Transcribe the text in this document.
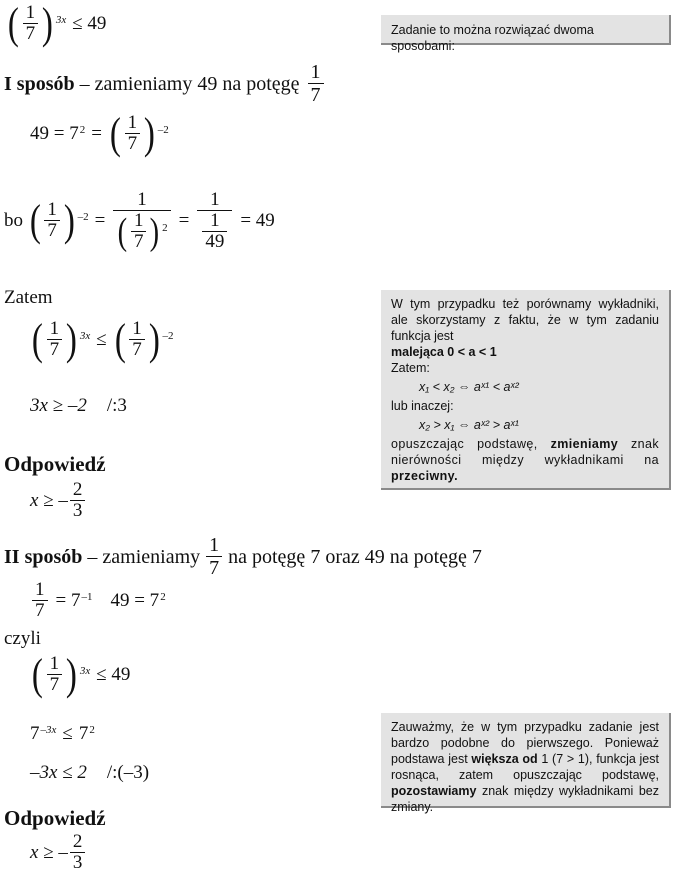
( $\frac{1}{7}$ ) $^{3x}$ ≤ 49	Zadanie to można rozwiązać dwoma sposobami:
I sposób
– zamieniamy 49 na potęgę $\frac{1}{7}$
$49 = 7^2$ = ( $\frac{1}{7}$ ) $^{-2}$
bo
( $\frac{1}{7}$ ) $^{-2} = \frac{1}{( \frac{1}{7} )^2} = \frac{1}{\frac{1}{49}} = 49$
Zatem
( $\frac{1}{7}$ ) $^{3x}$ ≤ ( $\frac{1}{7}$ ) $^{-2}$
3x ≥ –2 /:3
W tym przypadku też porównamy wykładniki, ale skorzystamy z faktu, że w tym zadaniu funkcja jest
malejąca 0 < a < 1
Zatem:
x₁ < x₂ ⇔ aˣ¹ < aˣ²
lub inaczej:
x₂ > x₁ ⇔ aˣ² > aˣ¹
opuszczając podstawę, zmieniamy znak nierówności między wykładnikami na przeciwny.
Odpowiedź
x ≥ – $\frac{2}{3}$
II sposób
– zamieniamy $\frac{1}{7}$ na potęgę 7 oraz 49 na potęgę 7
$\frac{1}{7} = 7^{-1}$ $49 = 7^2$
czyli
( $\frac{1}{7}$ ) $^{3x}$ ≤ 49
$7^{-3x} \le 7^2$
–3x ≤ 2 /:(–3)
Zauważmy, że w tym przypadku zadanie jest bardzo podobne do pierwszego. Ponieważ podstawa jest większa od 1 (7 > 1), funkcja jest rosnąca, zatem opuszczając podstawę, pozostawiamy znak między wykładnikami bez zmiany.
Odpowiedź
x ≥ – $\frac{2}{3}$
